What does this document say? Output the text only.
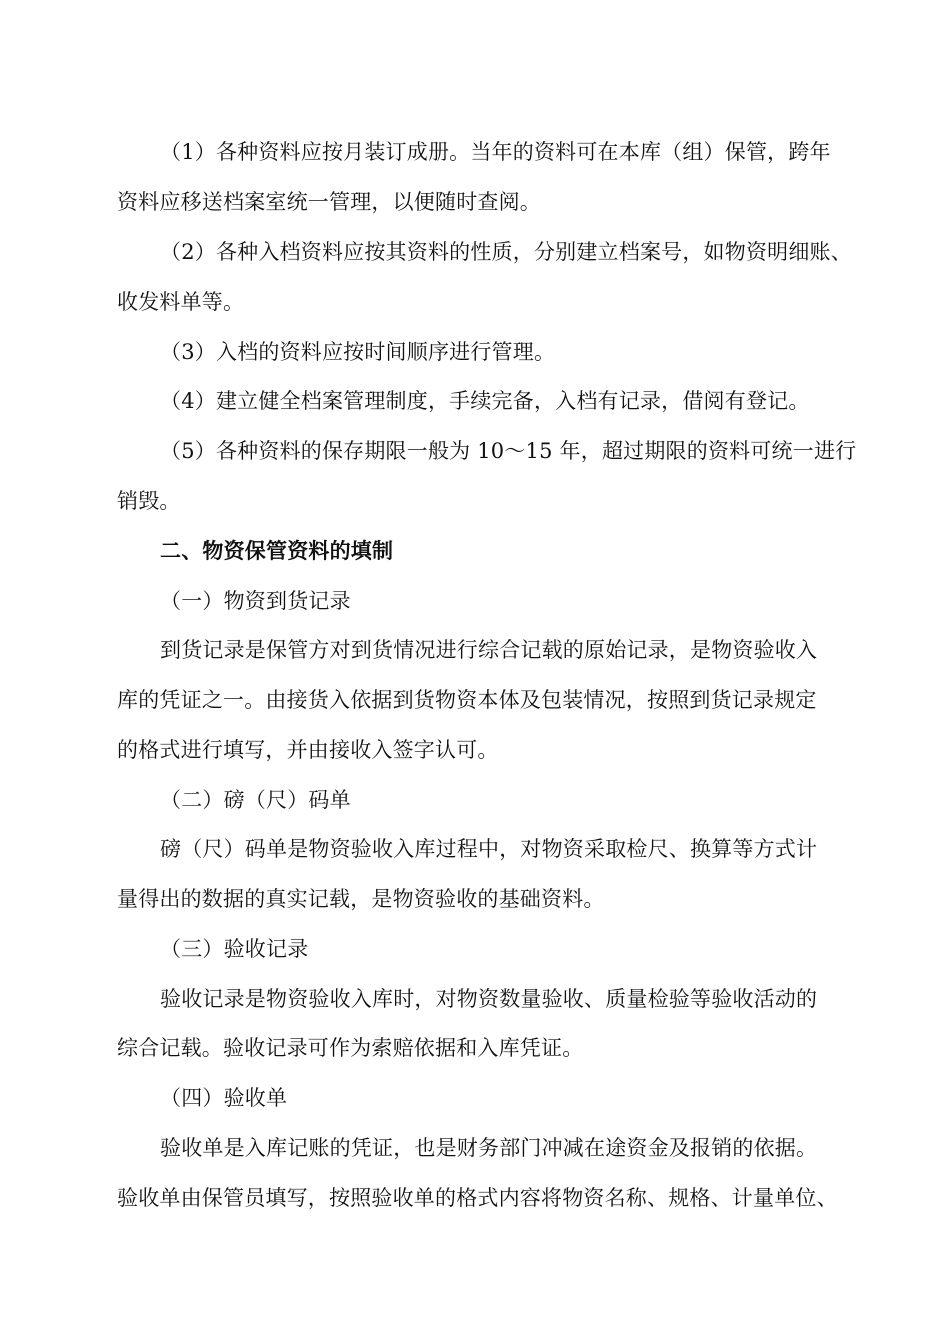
（1）各种资料应按月装订成册。当年的资料可在本库（组）保管，跨年
资料应移送档案室统一管理，以便随时查阅。
（2）各种入档资料应按其资料的性质，分别建立档案号，如物资明细账、
收发料单等。
（3）入档的资料应按时间顺序进行管理。
（4）建立健全档案管理制度，手续完备，入档有记录，借阅有登记。
（5）各种资料的保存期限一般为 10～15 年，超过期限的资料可统一进行
销毁。
二、物资保管资料的填制
（一）物资到货记录
到货记录是保管方对到货情况进行综合记载的原始记录，是物资验收入
库的凭证之一。由接货入依据到货物资本体及包装情况，按照到货记录规定
的格式进行填写，并由接收入签字认可。
（二）磅（尺）码单
磅（尺）码单是物资验收入库过程中，对物资采取检尺、换算等方式计
量得出的数据的真实记载，是物资验收的基础资料。
（三）验收记录
验收记录是物资验收入库时，对物资数量验收、质量检验等验收活动的
综合记载。验收记录可作为索赔依据和入库凭证。
（四）验收单
验收单是入库记账的凭证，也是财务部门冲减在途资金及报销的依据。
验收单由保管员填写，按照验收单的格式内容将物资名称、规格、计量单位、
